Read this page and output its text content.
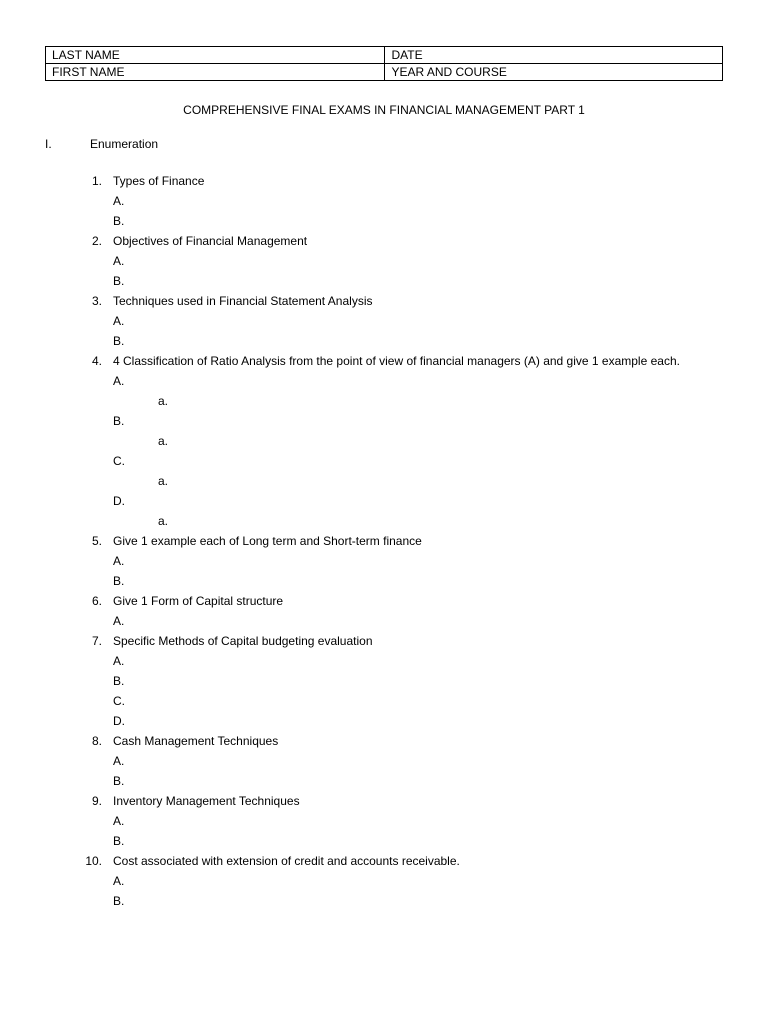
LAST NAME	DATE
FIRST NAME	YEAR AND COURSE
COMPREHENSIVE FINAL EXAMS IN FINANCIAL MANAGEMENT PART 1
I.	Enumeration
1. Types of Finance
A.
B.
2. Objectives of Financial Management
A.
B.
3. Techniques used in Financial Statement Analysis
A.
B.
4. 4 Classification of Ratio Analysis from the point of view of financial managers (A) and give 1 example each.
A.
a.
B.
a.
C.
a.
D.
a.
5. Give 1 example each of Long term and Short-term finance
A.
B.
6. Give 1 Form of Capital structure
A.
7. Specific Methods of Capital budgeting evaluation
A.
B.
C.
D.
8. Cash Management Techniques
A.
B.
9. Inventory Management Techniques
A.
B.
10. Cost associated with extension of credit and accounts receivable.
A.
B.
